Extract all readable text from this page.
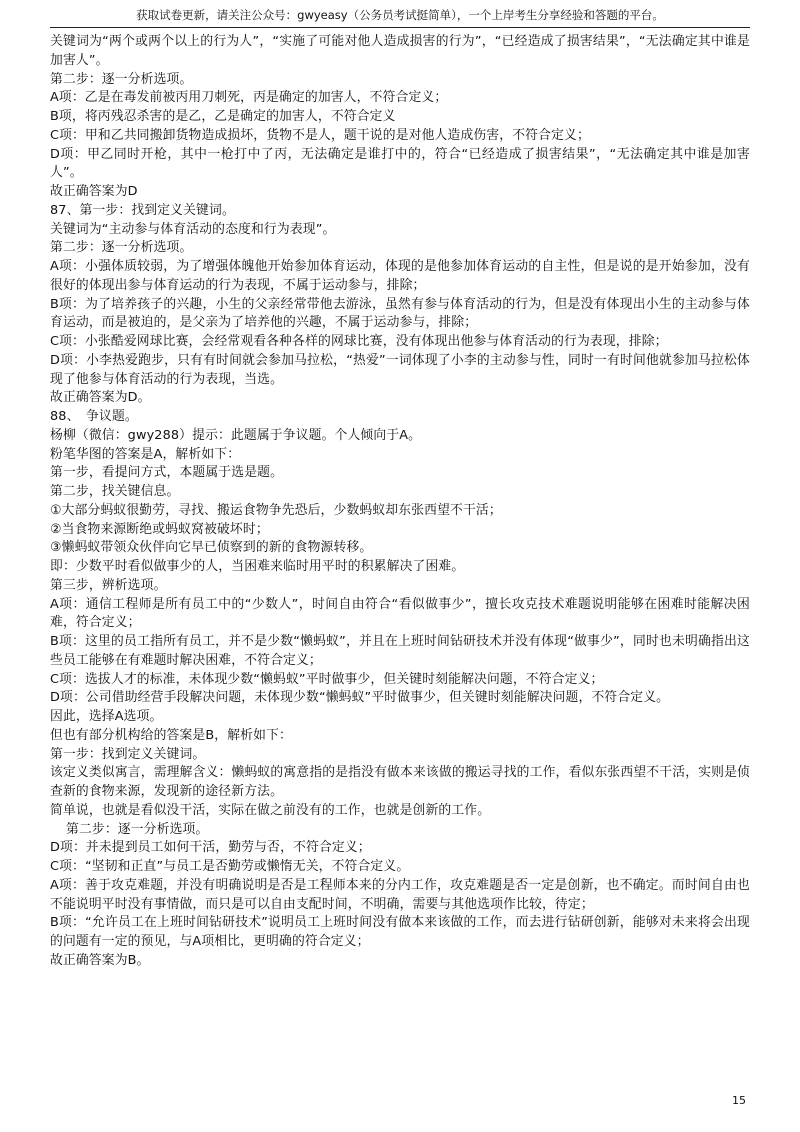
获取试卷更新，请关注公众号：gwyeasy（公务员考试挺简单），一个上岸考生分享经验和答题的平台。

关键词为“两个或两个以上的行为人”，“实施了可能对他人造成损害的行为”，“已经造成了损害结果”，“无法确定其中谁是加害人”。

第二步：逐一分析选项。

A项：乙是在毒发前被丙用刀刺死，丙是确定的加害人，不符合定义；

B项，将丙残忍杀害的是乙，乙是确定的加害人，不符合定义

C项：甲和乙共同搬卸货物造成损坏，货物不是人，题干说的是对他人造成伤害，不符合定义；

D项：甲乙同时开枪，其中一枪打中了丙，无法确定是谁打中的，符合“已经造成了损害结果”，“无法确定其中谁是加害人”。

故正确答案为D

87、第一步：找到定义关键词。

关键词为“主动参与体育活动的态度和行为表现”。

第二步：逐一分析选项。

A项：小强体质较弱，为了增强体魄他开始参加体育运动，体现的是他参加体育运动的自主性，但是说的是开始参加，没有很好的体现出参与体育运动的行为表现，不属于运动参与，排除；

B项：为了培养孩子的兴趣，小生的父亲经常带他去游泳，虽然有参与体育活动的行为，但是没有体现出小生的主动参与体育运动，而是被迫的，是父亲为了培养他的兴趣，不属于运动参与，排除；

C项：小张酷爱网球比赛，会经常观看各种各样的网球比赛，没有体现出他参与体育活动的行为表现，排除；

D项：小李热爱跑步，只有有时间就会参加马拉松，“热爱”一词体现了小李的主动参与性，同时一有时间他就参加马拉松体现了他参与体育活动的行为表现，当选。

故正确答案为D。

88、　争议题。

杨柳（微信：gwy288）提示：此题属于争议题。个人倾向于A。

粉笔华图的答案是A，解析如下：

第一步，看提问方式，本题属于选是题。

第二步，找关键信息。

①大部分蚂蚁很勤劳，寻找、搬运食物争先恐后，少数蚂蚁却东张西望不干活；

②当食物来源断绝或蚂蚁窝被破坏时；

③懒蚂蚁带领众伙伴向它早已侦察到的新的食物源转移。

即：少数平时看似做事少的人，当困难来临时用平时的积累解决了困难。

第三步，辨析选项。

A项：通信工程师是所有员工中的“少数人”，时间自由符合“看似做事少”，擅长攻克技术难题说明能够在困难时能解决困难，符合定义；

B项：这里的员工指所有员工，并不是少数“懒蚂蚁”，并且在上班时间钻研技术并没有体现“做事少”，同时也未明确指出这些员工能够在有难题时解决困难，不符合定义；

C项：选拔人才的标准，未体现少数“懒蚂蚁”平时做事少，但关键时刻能解决问题，不符合定义；

D项：公司借助经营手段解决问题，未体现少数“懒蚂蚁”平时做事少，但关键时刻能解决问题，不符合定义。

因此，选择A选项。

但也有部分机构给的答案是B，解析如下：

第一步：找到定义关键词。

该定义类似寓言，需理解含义：懒蚂蚁的寓意指的是指没有做本来该做的搬运寻找的工作，看似东张西望不干活，实则是侦查新的食物来源，发现新的途径新方法。

简单说，也就是看似没干活，实际在做之前没有的工作，也就是创新的工作。

第二步：逐一分析选项。

D项：并未提到员工如何干活，勤劳与否，不符合定义；

C项：“坚韧和正直”与员工是否勤劳或懒惰无关，不符合定义。

A项：善于攻克难题，并没有明确说明是否是工程师本来的分内工作，攻克难题是否一定是创新，也不确定。而时间自由也不能说明平时没有事情做，而只是可以自由支配时间，不明确，需要与其他选项作比较，待定；

B项：“允许员工在上班时间钻研技术”说明员工上班时间没有做本来该做的工作，而去进行钻研创新，能够对未来将会出现的问题有一定的预见，与A项相比，更明确的符合定义；

故正确答案为B。

15
